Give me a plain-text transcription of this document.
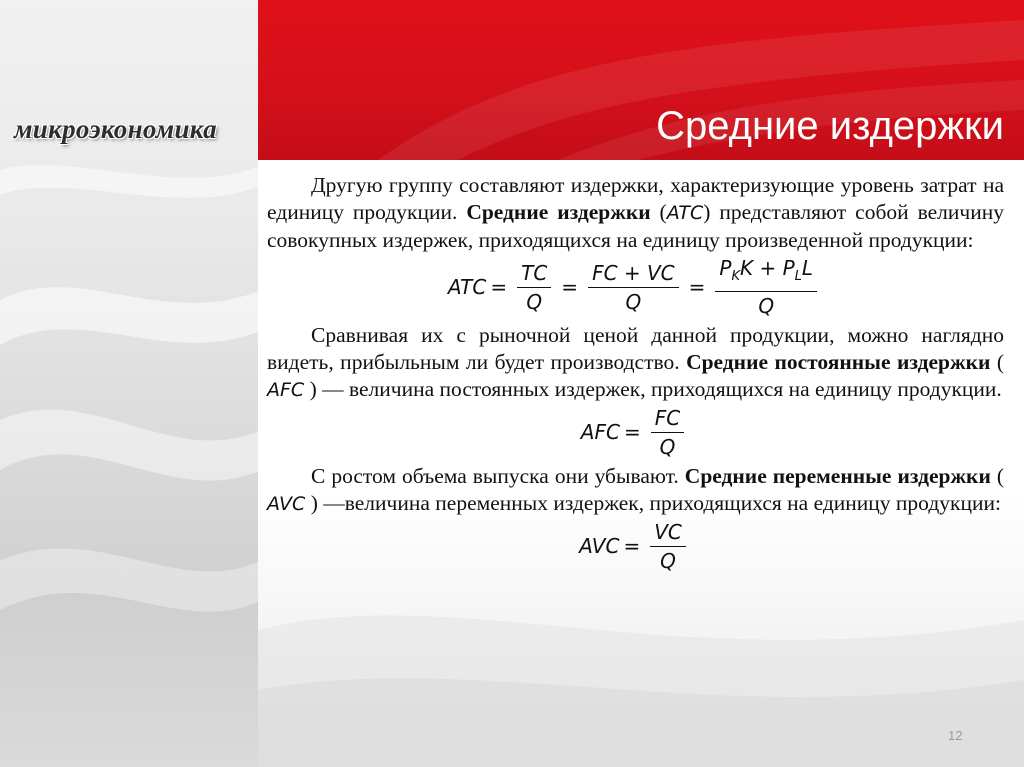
микроэкономика	Средние издержки

Другую группу составляют издержки, характеризующие уровень затрат на единицу продукции. Средние издержки (ATC) представляют собой величину совокупных издержек, приходящихся на единицу произведенной продукции:

ATC = $\frac{TC}{Q} = \frac{FC + VC}{Q} = \frac{P_KK + P_LL}{Q}$

Сравнивая их с рыночной ценой данной продукции, можно наглядно видеть, прибыльным ли будет производство. Средние постоянные издержки ( AFC ) — величина постоянных издержек, приходящихся на единицу продукции.

AFC = $\frac{FC}{Q}$

С ростом объема выпуска они убывают. Средние переменные издержки ( AVC ) —величина переменных издержек, приходящихся на единицу продукции:

AVC = $\frac{VC}{Q}$
12
